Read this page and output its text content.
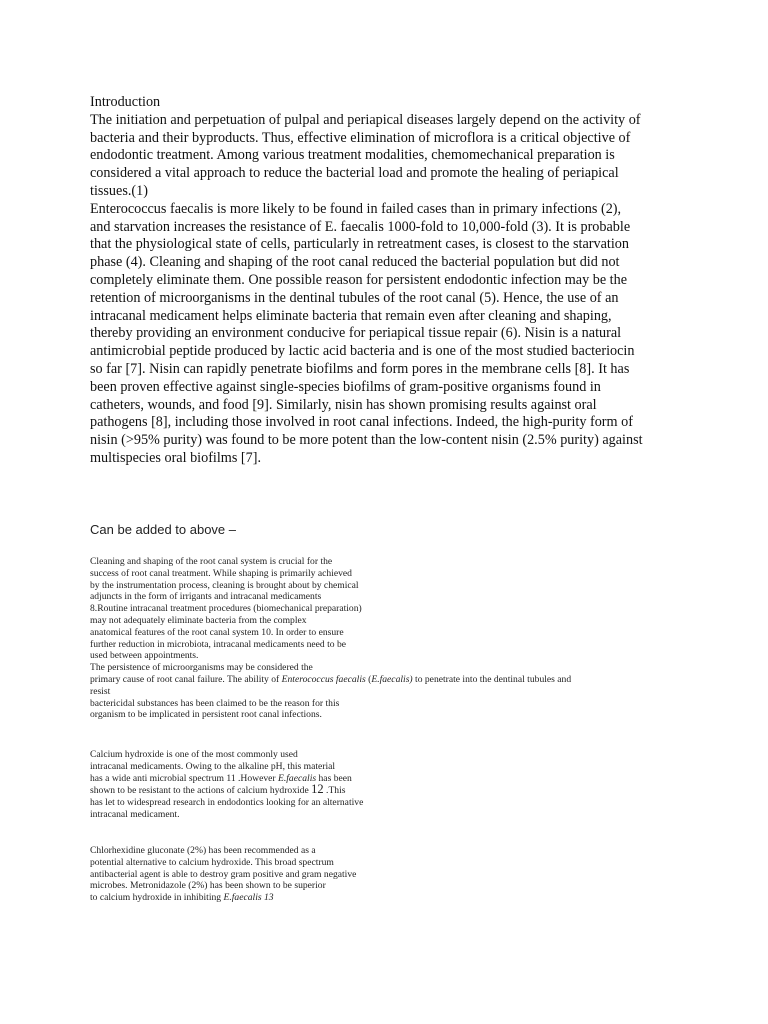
Introduction
The initiation and perpetuation of pulpal and periapical diseases largely depend on the activity of
bacteria and their byproducts. Thus, effective elimination of microflora is a critical objective of
endodontic treatment. Among various treatment modalities, chemomechanical preparation is
considered a vital approach to reduce the bacterial load and promote the healing of periapical
tissues.(1)
Enterococcus faecalis is more likely to be found in failed cases than in primary infections (2),
and starvation increases the resistance of E. faecalis 1000-fold to 10,000-fold (3). It is probable
that the physiological state of cells, particularly in retreatment cases, is closest to the starvation
phase (4). Cleaning and shaping of the root canal reduced the bacterial population but did not
completely eliminate them. One possible reason for persistent endodontic infection may be the
retention of microorganisms in the dentinal tubules of the root canal (5). Hence, the use of an
intracanal medicament helps eliminate bacteria that remain even after cleaning and shaping,
thereby providing an environment conducive for periapical tissue repair (6). Nisin is a natural
antimicrobial peptide produced by lactic acid bacteria and is one of the most studied bacteriocin
so far [7]. Nisin can rapidly penetrate biofilms and form pores in the membrane cells [8]. It has
been proven effective against single-species biofilms of gram-positive organisms found in
catheters, wounds, and food [9]. Similarly, nisin has shown promising results against oral
pathogens [8], including those involved in root canal infections. Indeed, the high-purity form of
nisin (>95% purity) was found to be more potent than the low-content nisin (2.5% purity) against
multispecies oral biofilms [7].
Can be added to above –
Cleaning and shaping of the root canal system is crucial for the
success of root canal treatment. While shaping is primarily achieved
by the instrumentation process, cleaning is brought about by chemical
adjuncts in the form of irrigants and intracanal medicaments
8.Routine intracanal treatment procedures (biomechanical preparation)
may not adequately eliminate bacteria from the complex
anatomical features of the root canal system 10. In order to ensure
further reduction in microbiota, intracanal medicaments need to be
used between appointments.
The persistence of microorganisms may be considered the
primary cause of root canal failure. The ability of Enterococcus faecalis (E.faecalis) to penetrate into the dentinal tubules and
resist
bactericidal substances has been claimed to be the reason for this
organism to be implicated in persistent root canal infections.
Calcium hydroxide is one of the most commonly used
intracanal medicaments. Owing to the alkaline pH, this material
has a wide anti microbial spectrum 11 .However E.faecalis has been
shown to be resistant to the actions of calcium hydroxide 12 .This
has let to widespread research in endodontics looking for an alternative
intracanal medicament.
Chlorhexidine gluconate (2%) has been recommended as a
potential alternative to calcium hydroxide. This broad spectrum
antibacterial agent is able to destroy gram positive and gram negative
microbes. Metronidazole (2%) has been shown to be superior
to calcium hydroxide in inhibiting E.faecalis 13
